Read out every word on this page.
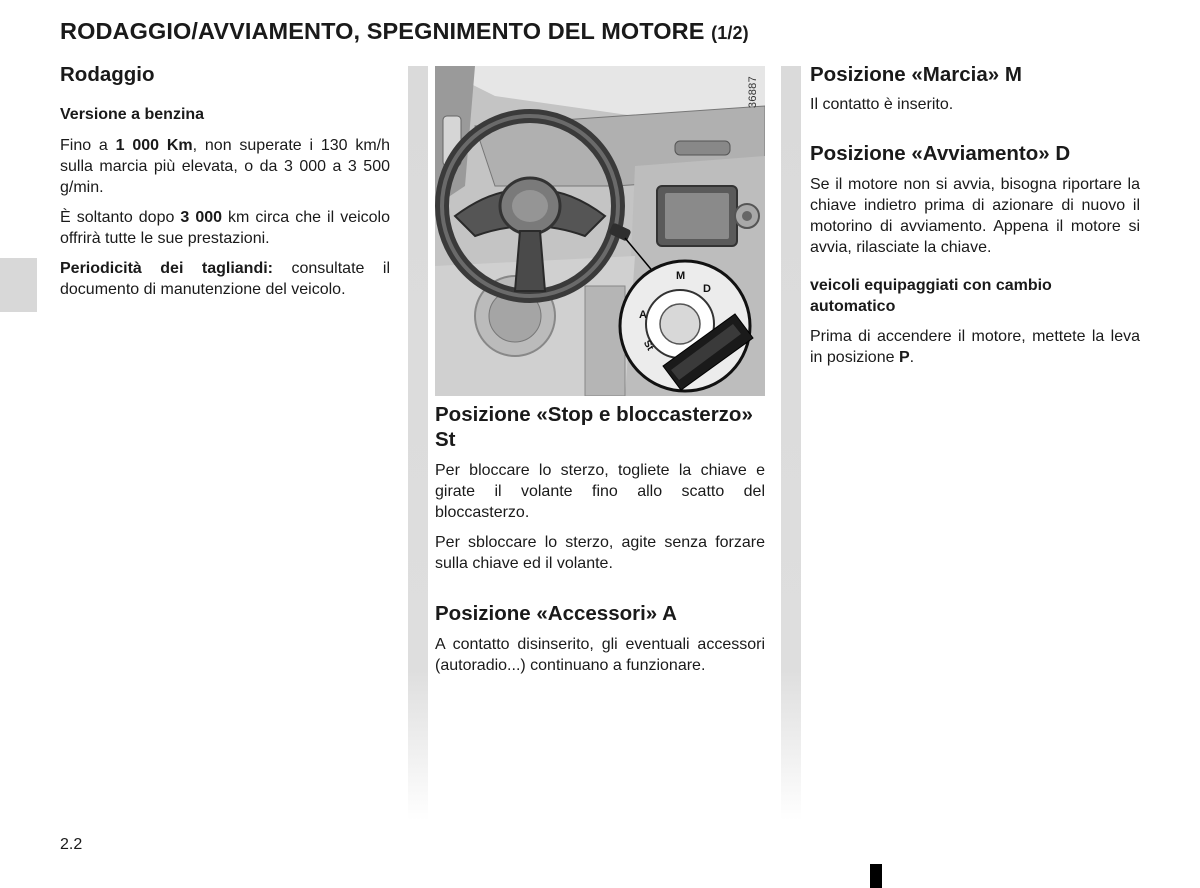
RODAGGIO/AVVIAMENTO, SPEGNIMENTO DEL MOTORE (1/2)
Rodaggio
Versione a benzina

Fino a 1 000 Km, non superate i 130 km/h sulla marcia più elevata, o da 3 000 a 3 500 g/min.

È soltanto dopo 3 000 km circa che il veicolo offrirà tutte le sue prestazioni.

Periodicità dei tagliandi: consultate il documento di manutenzione del veicolo.

M
D
A
St
36887
Posizione «Stop e bloccasterzo» St

Per bloccare lo sterzo, togliete la chiave e girate il volante fino allo scatto del bloccasterzo.

Per sbloccare lo sterzo, agite senza forzare sulla chiave ed il volante.

Posizione «Accessori» A

A contatto disinserito, gli eventuali accessori (autoradio...) continuano a funzionare.

Posizione «Marcia» M

Il contatto è inserito.

Posizione «Avviamento» D

Se il motore non si avvia, bisogna riportare la chiave indietro prima di azionare di nuovo il motorino di avviamento. Appena il motore si avvia, rilasciate la chiave.

veicoli equipaggiati con cambio automatico

Prima di accendere il motore, mettete la leva in posizione P.

2.2
